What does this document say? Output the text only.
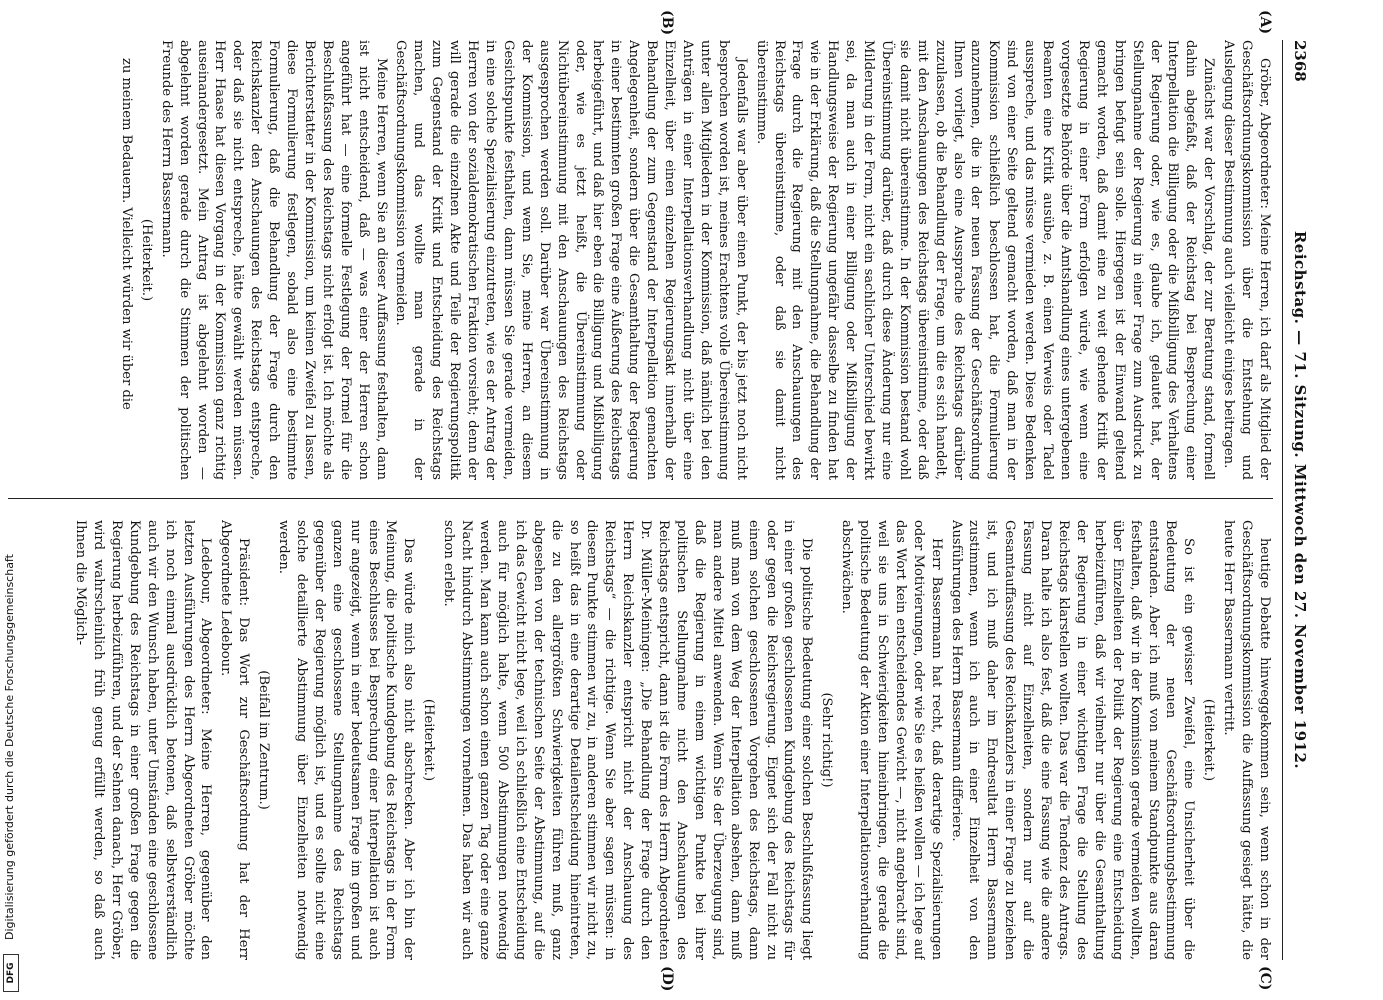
2368
Reichstag. — 71. Sitzung. Mittwoch den 27. November 1912.
(A)
(B)
(C)
(D)

Gröber, Abgeordneter: Meine Herren, ich darf als Mitglied der Geschäftsordnungskommission über die Entstehung und Auslegung dieser Bestimmung auch vielleicht einiges beitragen.

Zunächst war der Vorschlag, der zur Beratung stand, formell dahin abgefaßt, daß der Reichstag bei Besprechung einer Interpellation die Billigung oder die Mißbilligung des Verhaltens der Regierung oder, wie es, glaube ich, gelautet hat, der Stellungnahme der Regierung in einer Frage zum Ausdruck zu bringen befugt sein solle. Hiergegen ist der Einwand geltend gemacht worden, daß damit eine zu weit gehende Kritik der Regierung in einer Form erfolgen würde, wie wenn eine vorgesetzte Behörde über die Amtshandlung eines untergebenen Beamten eine Kritik ausübe, z. B. einen Verweis oder Tadel ausspreche, und das müsse vermieden werden. Diese Bedenken sind von einer Seite geltend gemacht worden, daß man in der Kommission schließlich beschlossen hat, die Formulierung anzunehmen, die in der neuen Fassung der Geschäftsordnung Ihnen vorliegt, also eine Aussprache des Reichstags darüber zuzulassen, ob die Behandlung der Frage, um die es sich handelt, mit den Anschauungen des Reichstags übereinstimme, oder daß sie damit nicht übereinstimme. In der Kommission bestand wohl Übereinstimmung darüber, daß durch diese Änderung nur eine Milderung in der Form, nicht ein sachlicher Unterschied bewirkt sei, da man auch in einer Billigung oder Mißbilligung der Handlungsweise der Regierung ungefähr dasselbe zu finden hat wie in der Erklärung, daß die Stellungnahme, die Behandlung der Frage durch die Regierung mit den Anschauungen des Reichstags übereinstimme, oder daß sie damit nicht übereinstimme.

Jedenfalls war aber über einen Punkt, der bis jetzt noch nicht besprochen worden ist, meines Erachtens volle Übereinstimmung unter allen Mitgliedern in der Kommission, daß nämlich bei den Anträgen in einer Interpellationsverhandlung nicht über eine Einzelheit, über einen einzelnen Regierungsakt innerhalb der Behandlung der zum Gegenstand der Interpellation gemachten Angelegenheit, sondern über die Gesamthaltung der Regierung in einer bestimmten großen Frage eine Äußerung des Reichstags herbeigeführt, und daß hier eben die Billigung und Mißbilligung oder, wie es jetzt heißt, die Übereinstimmung oder Nichtübereinstimmung mit den Anschauungen des Reichstags ausgesprochen werden soll. Darüber war Übereinstimmung in der Kommission, und wenn Sie, meine Herren, an diesem Gesichtspunkte festhalten, dann müssen Sie gerade vermeiden, in eine solche Spezialisierung einzutreten, wie es der Antrag der Herren von der sozialdemokratischen Fraktion vorsieht; denn der will gerade die einzelnen Akte und Teile der Regierungspolitik zum Gegenstand der Kritik und Entscheidung des Reichstags machen, und das wollte man gerade in der Geschäftsordnungskommission vermeiden.

Meine Herren, wenn Sie an dieser Auffassung festhalten, dann ist nicht entscheidend, daß — was einer der Herren schon angeführt hat — eine formelle Festlegung der Formel für die Beschlußfassung des Reichstags nicht erfolgt ist. Ich möchte als Berichterstatter in der Kommission, um keinen Zweifel zu lassen, diese Formulierung festlegen, sobald also eine bestimmte Formulierung, daß die Behandlung der Frage durch den Reichskanzler den Anschauungen des Reichstags entspreche, oder daß sie nicht entspreche, hätte gewählt werden müssen. Herr Haase hat diesen Vorgang in der Kommission ganz richtig auseinandergesetzt. Mein Antrag ist abgelehnt worden — abgelehnt worden gerade durch die Stimmen der politischen Freunde des Herrn Bassermann.

(Heiterkeit.)

zu meinem Bedauern. Vielleicht würden wir über die

heutige Debatte hinweggekommen sein, wenn schon in der Geschäftsordnungskommission die Auffassung gesiegt hätte, die heute Herr Bassermann vertritt.

(Heiterkeit.)

So ist ein gewisser Zweifel, eine Unsicherheit über die Bedeutung der neuen Geschäftsordnungsbestimmung entstanden. Aber ich muß von meinem Standpunkte aus daran festhalten, daß wir in der Kommission gerade vermeiden wollten, über Einzelheiten der Politik der Regierung eine Entscheidung herbeizuführen, daß wir vielmehr nur über die Gesamthaltung der Regierung in einer wichtigen Frage die Stellung des Reichstags klarstellen wollten. Das war die Tendenz des Antrags. Daran halte ich also fest, daß die eine Fassung wie die andere Fassung nicht auf Einzelheiten, sondern nur auf die Gesamtauffassung des Reichskanzlers in einer Frage zu beziehen ist, und ich muß daher im Endresultat Herrn Bassermann zustimmen, wenn ich auch in einer Einzelheit von den Ausführungen des Herrn Bassermann differiere.

Herr Bassermann hat recht, daß derartige Spezialisierungen oder Motivierungen, oder wie Sie es heißen wollen — ich lege auf das Wort kein entscheidendes Gewicht —, nicht angebracht sind, weil sie uns in Schwierigkeiten hineinbringen, die gerade die politische Bedeutung der Aktion einer Interpellationsverhandlung abschwächen.

(Sehr richtig!)

Die politische Bedeutung einer solchen Beschlußfassung liegt in einer großen geschlossenen Kundgebung des Reichstags für oder gegen die Reichsregierung. Eignet sich der Fall nicht zu einem solchen geschlossenen Vorgehen des Reichstags, dann muß man von dem Weg der Interpellation absehen, dann muß man andere Mittel anwenden. Wenn Sie der Überzeugung sind, daß die Regierung in einem wichtigen Punkte bei ihrer politischen Stellungnahme nicht den Anschauungen des Reichstags entspricht, dann ist die Form des Herrn Abgeordneten Dr. Müller-Meiningen: „Die Behandlung der Frage durch den Herrn Reichskanzler entspricht nicht der Anschauung des Reichstags“ — die richtige. Wenn Sie aber sagen müssen: in diesem Punkte stimmen wir zu, in anderen stimmen wir nicht zu, so heißt das in eine derartige Detailentscheidung hineintreten, die zu den allergrößten Schwierigkeiten führen muß, ganz abgesehen von der technischen Seite der Abstimmung, auf die ich das Gewicht nicht lege, weil ich schließlich eine Entscheidung auch für möglich halte, wenn 500 Abstimmungen notwendig werden. Man kann auch schon einen ganzen Tag oder eine ganze Nacht hindurch Abstimmungen vornehmen. Das haben wir auch schon erlebt.

(Heiterkeit.)

Das würde mich also nicht abschrecken. Aber ich bin der Meinung, die politische Kundgebung des Reichstags in der Form eines Beschlusses bei Besprechung einer Interpellation ist auch nur angezeigt, wenn in einer bedeutsamen Frage im großen und ganzen eine geschlossene Stellungnahme des Reichstags gegenüber der Regierung möglich ist, und es sollte nicht eine solche detaillierte Abstimmung über Einzelheiten notwendig werden.

(Beifall im Zentrum.)

Präsident: Das Wort zur Geschäftsordnung hat der Herr Abgeordnete Ledebour.

Ledebour, Abgeordneter: Meine Herren, gegenüber den letzten Ausführungen des Herrn Abgeordneten Gröber möchte ich noch einmal ausdrücklich betonen, daß selbstverständlich auch wir den Wunsch haben, unter Umständen eine geschlossene Kundgebung des Reichstags in einer großen Frage gegen die Regierung herbeizuführen, und der Sehnen danach, Herr Gröber, wird wahrscheinlich früh genug erfüllt werden, so daß auch Ihnen die Möglich-

DFG
Digitalisierung gefördert durch die Deutsche Forschungsgemeinschaft
